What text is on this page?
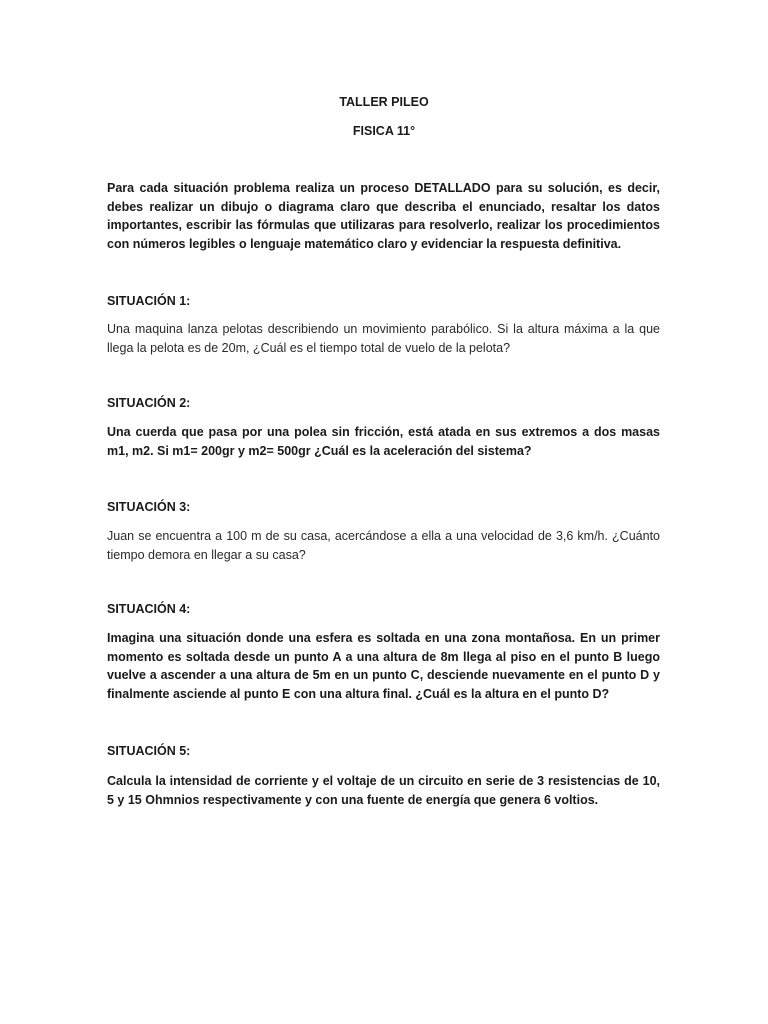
TALLER PILEO

FISICA 11°

Para cada situación problema realiza un proceso DETALLADO para su solución, es decir, debes realizar un dibujo o diagrama claro que describa el enunciado, resaltar los datos importantes, escribir las fórmulas que utilizaras para resolverlo, realizar los procedimientos con números legibles o lenguaje matemático claro y evidenciar la respuesta definitiva.

SITUACIÓN 1:

Una maquina lanza pelotas describiendo un movimiento parabólico. Si la altura máxima a la que llega la pelota es de 20m, ¿Cuál es el tiempo total de vuelo de la pelota?

SITUACIÓN 2:

Una cuerda que pasa por una polea sin fricción, está atada en sus extremos a dos masas m1, m2. Si m1= 200gr y m2= 500gr ¿Cuál es la aceleración del sistema?

SITUACIÓN 3:

Juan se encuentra a 100 m de su casa, acercándose a ella a una velocidad de 3,6 km/h. ¿Cuánto tiempo demora en llegar a su casa?

SITUACIÓN 4:

Imagina una situación donde una esfera es soltada en una zona montañosa. En un primer momento es soltada desde un punto A a una altura de 8m llega al piso en el punto B luego vuelve a ascender a una altura de 5m en un punto C, desciende nuevamente en el punto D y finalmente asciende al punto E con una altura final. ¿Cuál es la altura en el punto D?

SITUACIÓN 5:

Calcula la intensidad de corriente y el voltaje de un circuito en serie de 3 resistencias de 10, 5 y 15 Ohmnios respectivamente y con una fuente de energía que genera 6 voltios.
